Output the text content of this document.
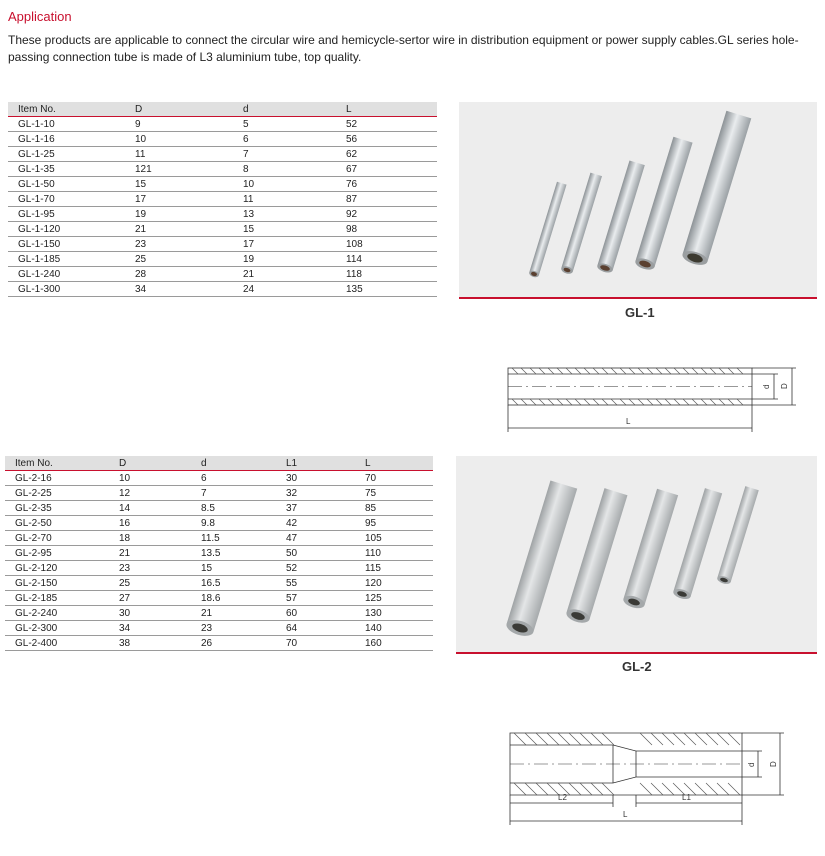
Application
These products are applicable to connect the circular wire and hemicycle-sertor wire in distribution equipment or power supply cables.GL series hole-passing connection tube is made of L3 aluminium tube, top quality.
Item No.	D	d	L
GL-1-10	9	5	52
GL-1-16	10	6	56
GL-1-25	11	7	62
GL-1-35	121	8	67
GL-1-50	15	10	76
GL-1-70	17	11	87
GL-1-95	19	13	92
GL-1-120	21	15	98
GL-1-150	23	17	108
GL-1-185	25	19	114
GL-1-240	28	21	118
GL-1-300	34	24	135
Item No.	D	d	L1	L
GL-2-16	10	6	30	70
GL-2-25	12	7	32	75
GL-2-35	14	8.5	37	85
GL-2-50	16	9.8	42	95
GL-2-70	18	11.5	47	105
GL-2-95	21	13.5	50	110
GL-2-120	23	15	52	115
GL-2-150	25	16.5	55	120
GL-2-185	27	18.6	57	125
GL-2-240	30	21	60	130
GL-2-300	34	23	64	140
GL-2-400	38	26	70	160
GL-1
L
d D
GL-2
L2	L1
L
d D
